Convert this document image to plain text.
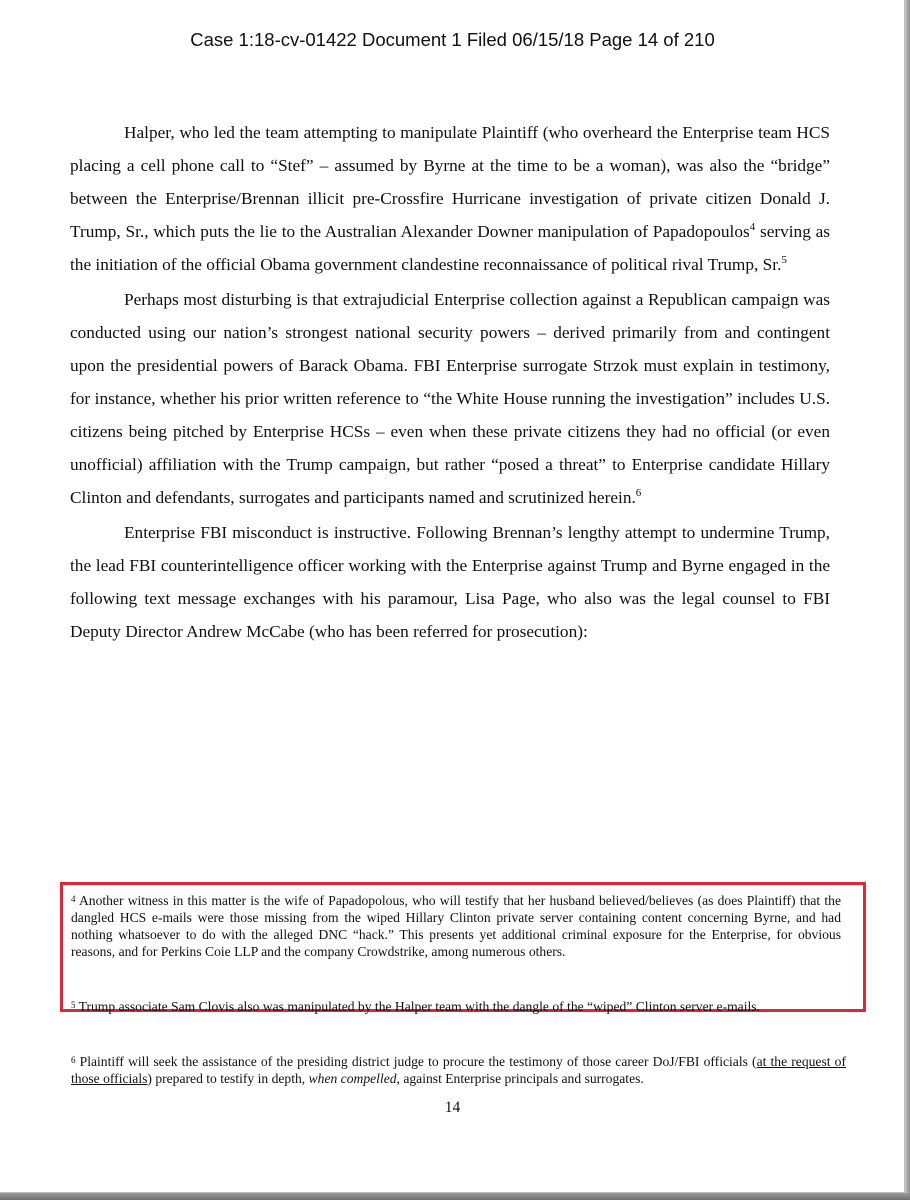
Case 1:18-cv-01422 Document 1 Filed 06/15/18 Page 14 of 210

Halper, who led the team attempting to manipulate Plaintiff (who overheard the Enterprise team HCS placing a cell phone call to “Stef” – assumed by Byrne at the time to be a woman), was also the “bridge” between the Enterprise/Brennan illicit pre-Crossfire Hurricane investigation of private citizen Donald J. Trump, Sr., which puts the lie to the Australian Alexander Downer manipulation of Papadopoulos$^4$ serving as the initiation of the official Obama government clandestine reconnaissance of political rival Trump, Sr.$^5$

Perhaps most disturbing is that extrajudicial Enterprise collection against a Republican campaign was conducted using our nation’s strongest national security powers – derived primarily from and contingent upon the presidential powers of Barack Obama. FBI Enterprise surrogate Strzok must explain in testimony, for instance, whether his prior written reference to “the White House running the investigation” includes U.S. citizens being pitched by Enterprise HCSs – even when these private citizens they had no official (or even unofficial) affiliation with the Trump campaign, but rather “posed a threat” to Enterprise candidate Hillary Clinton and defendants, surrogates and participants named and scrutinized herein.$^6$

Enterprise FBI misconduct is instructive. Following Brennan’s lengthy attempt to undermine Trump, the lead FBI counterintelligence officer working with the Enterprise against Trump and Byrne engaged in the following text message exchanges with his paramour, Lisa Page, who also was the legal counsel to FBI Deputy Director Andrew McCabe (who has been referred for prosecution):

$^4$ Another witness in this matter is the wife of Papadopolous, who will testify that her husband believed/believes (as does Plaintiff) that the dangled HCS e-mails were those missing from the wiped Hillary Clinton private server containing content concerning Byrne, and had nothing whatsoever to do with the alleged DNC “hack.” This presents yet additional criminal exposure for the Enterprise, for obvious reasons, and for Perkins Coie LLP and the company Crowdstrike, among numerous others.
$^5$ Trump associate Sam Clovis also was manipulated by the Halper team with the dangle of the “wiped” Clinton server e-mails.
$^6$ Plaintiff will seek the assistance of the presiding district judge to procure the testimony of those career DoJ/FBI officials (at the request of those officials) prepared to testify in depth, when compelled, against Enterprise principals and surrogates.
14
